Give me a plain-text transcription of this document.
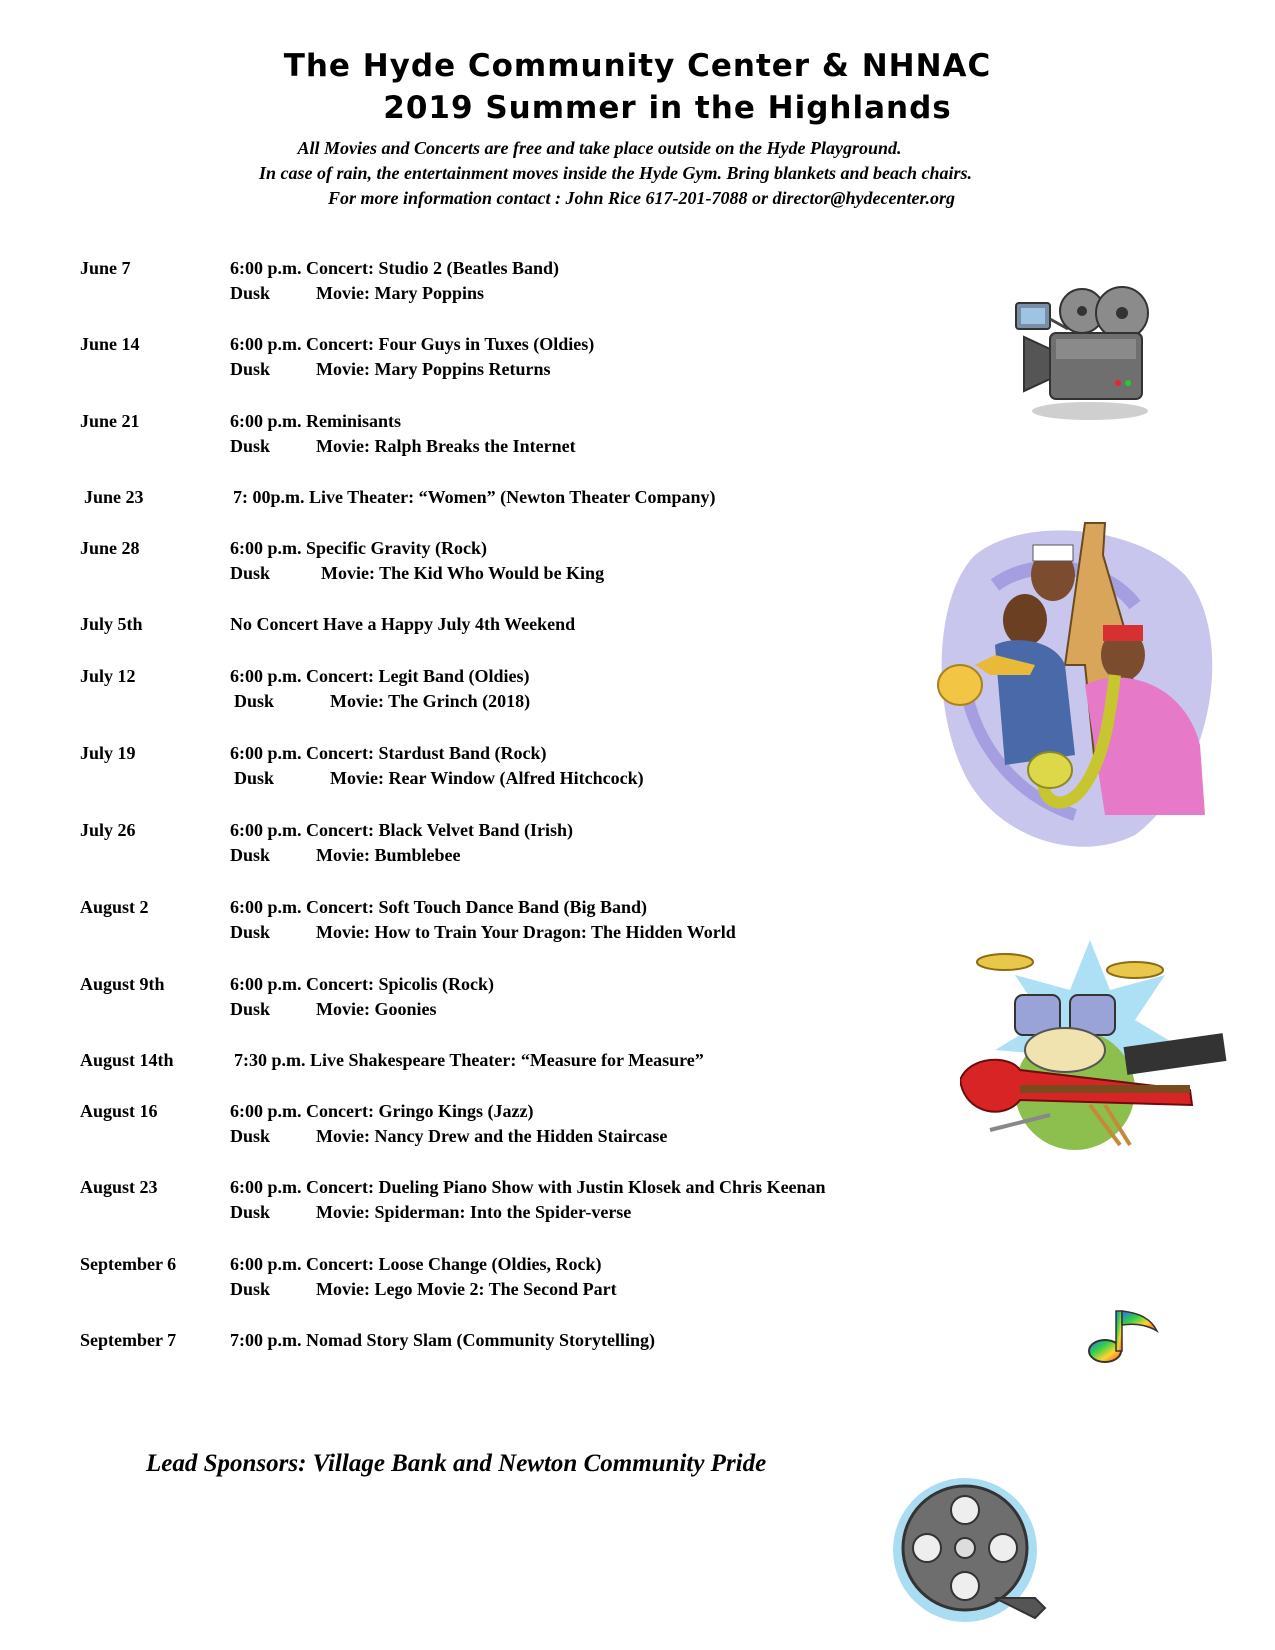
The Hyde Community Center & NHNAC
2019 Summer in the Highlands
All Movies and Concerts are free and take place outside on the Hyde Playground.
In case of rain, the entertainment moves inside the Hyde Gym. Bring blankets and beach chairs.
For more information contact : John Rice 617-201-7088 or director@hydecenter.org
June 7	6:00 p.m. Concert: Studio 2 (Beatles Band)
Dusk	Movie: Mary Poppins
June 14	6:00 p.m. Concert: Four Guys in Tuxes (Oldies)
Dusk	Movie: Mary Poppins Returns
June 21	6:00 p.m. Reminisants
Dusk	Movie: Ralph Breaks the Internet
June 23	7: 00p.m. Live Theater: “Women” (Newton Theater Company)
June 28	6:00 p.m. Specific Gravity (Rock)
Dusk	Movie: The Kid Who Would be King
July 5th	No Concert Have a Happy July 4th Weekend
July 12	6:00 p.m. Concert: Legit Band (Oldies)
Dusk	Movie: The Grinch (2018)
July 19	6:00 p.m. Concert: Stardust Band (Rock)
Dusk	Movie: Rear Window (Alfred Hitchcock)
July 26	6:00 p.m. Concert: Black Velvet Band (Irish)
Dusk	Movie: Bumblebee
August 2	6:00 p.m. Concert: Soft Touch Dance Band (Big Band)
Dusk	Movie: How to Train Your Dragon: The Hidden World
August 9th	6:00 p.m. Concert: Spicolis (Rock)
Dusk	Movie: Goonies
August 14th	7:30 p.m. Live Shakespeare Theater: “Measure for Measure”
August 16	6:00 p.m. Concert: Gringo Kings (Jazz)
Dusk	Movie: Nancy Drew and the Hidden Staircase
August 23	6:00 p.m. Concert: Dueling Piano Show with Justin Klosek and Chris Keenan
Dusk	Movie: Spiderman: Into the Spider-verse
September 6	6:00 p.m. Concert: Loose Change (Oldies, Rock)
Dusk	Movie: Lego Movie 2: The Second Part
September 7	7:00 p.m. Nomad Story Slam (Community Storytelling)
Lead Sponsors: Village Bank and Newton Community Pride
